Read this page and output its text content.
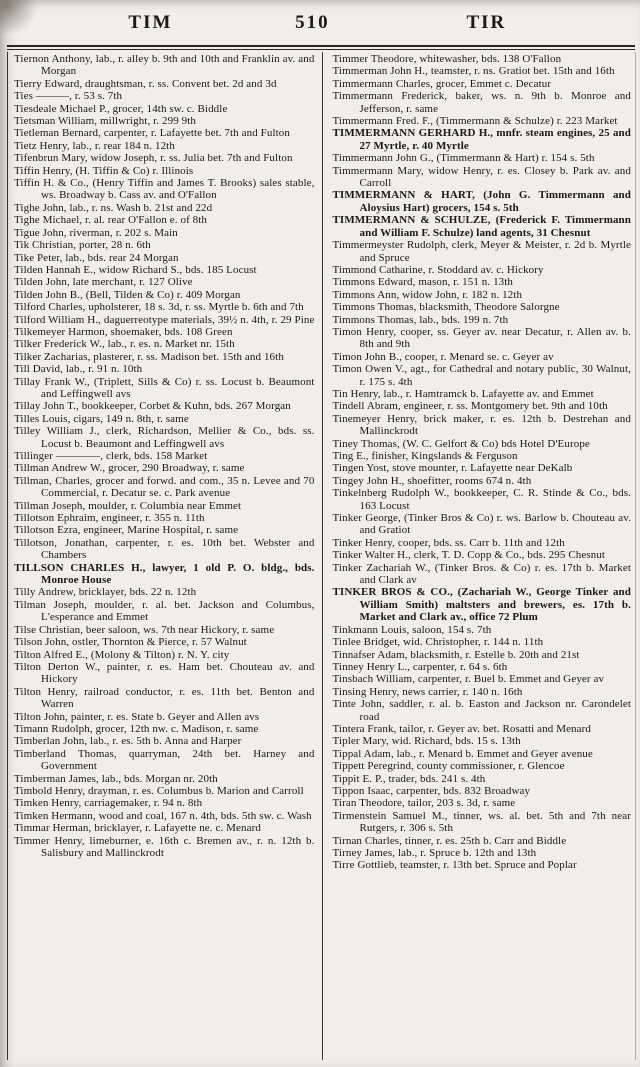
TIM	510	TIR
Tiernon Anthony, lab., r. alley b. 9th and 10th and Franklin av. and Morgan
Tierry Edward, draughtsman, r. ss. Convent bet. 2d and 3d
Ties ———, r. 53 s. 7th
Tiesdeale Michael P., grocer, 14th sw. c. Biddle
Tietsman William, millwright, r. 299 9th
Tietleman Bernard, carpenter, r. Lafayette bet. 7th and Fulton
Tietz Henry, lab., r. rear 184 n. 12th
Tifenbrun Mary, widow Joseph, r. ss. Julia bet. 7th and Fulton
Tiffin Henry, (H. Tiffin & Co) r. Illinois
Tiffin H. & Co., (Henry Tiffin and James T. Brooks) sales stable, ws. Broadway b. Cass av. and O'Fallon
Tighe John, lab., r. ns. Wash b. 21st and 22d
Tighe Michael, r. al. rear O'Fallon e. of 8th
Tigue John, riverman, r. 202 s. Main
Tik Christian, porter, 28 n. 6th
Tike Peter, lab., bds. rear 24 Morgan
Tilden Hannah E., widow Richard S., bds. 185 Locust
Tilden John, late merchant, r. 127 Olive
Tilden John B., (Bell, Tilden & Co) r. 409 Morgan
Tilford Charles, upholsterer, 18 s. 3d, r. ss. Myrtle b. 6th and 7th
Tilford William H., daguerreotype materials, 39½ n. 4th, r. 29 Pine
Tilkemeyer Harmon, shoemaker, bds. 108 Green
Tilker Frederick W., lab., r. es. n. Market nr. 15th
Tilker Zacharias, plasterer, r. ss. Madison bet. 15th and 16th
Till David, lab., r. 91 n. 10th
Tillay Frank W., (Triplett, Sills & Co) r. ss. Locust b. Beaumont and Leffingwell avs
Tillay John T., bookkeeper, Corbet & Kuhn, bds. 267 Morgan
Tilles Louis, cigars, 149 n. 8th, r. same
Tilley William J., clerk, Richardson, Mellier & Co., bds. ss. Locust b. Beaumont and Leffingwell avs
Tillinger ————, clerk, bds. 158 Market
Tillman Andrew W., grocer, 290 Broadway, r. same
Tillman, Charles, grocer and forwd. and com., 35 n. Levee and 70 Commercial, r. Decatur se. c. Park avenue
Tillman Joseph, moulder, r. Columbia near Emmet
Tillotson Ephraim, engineer, r. 355 n. 11th
Tillotson Ezra, engineer, Marine Hospital, r. same
Tillotson, Jonathan, carpenter, r. es. 10th bet. Webster and Chambers
TILLSON CHARLES H., lawyer, 1 old P. O. bldg., bds. Monroe House
Tilly Andrew, bricklayer, bds. 22 n. 12th
Tilman Joseph, moulder, r. al. bet. Jackson and Columbus, L'esperance and Emmet
Tilse Christian, beer saloon, ws. 7th near Hickory, r. same
Tilson John, ostler, Thornton & Pierce, r. 57 Walnut
Tilton Alfred E., (Molony & Tilton) r. N. Y. city
Tilton Derton W., painter, r. es. Ham bet. Chouteau av. and Hickory
Tilton Henry, railroad conductor, r. es. 11th bet. Benton and Warren
Tilton John, painter, r. es. State b. Geyer and Allen avs
Timann Rudolph, grocer, 12th nw. c. Madison, r. same
Timberlan John, lab., r. es. 5th b. Anna and Harper
Timberland Thomas, quarryman, 24th bet. Harney and Government
Timberman James, lab., bds. Morgan nr. 20th
Timbold Henry, drayman, r. es. Columbus b. Marion and Carroll
Timken Henry, carriagemaker, r. 94 n. 8th
Timken Hermann, wood and coal, 167 n. 4th, bds. 5th sw. c. Wash
Timmar Herman, bricklayer, r. Lafayette ne. c. Menard
Timmer Henry, limeburner, e. 16th c. Bremen av., r. n. 12th b. Salisbury and Mallinckrodt
Timmer Theodore, whitewasher, bds. 138 O'Fallon
Timmerman John H., teamster, r. ns. Gratiot bet. 15th and 16th
Timmermann Charles, grocer, Emmet c. Decatur
Timmermann Frederick, baker, ws. n. 9th b. Monroe and Jefferson, r. same
Timmermann Fred. F., (Timmermann & Schulze) r. 223 Market
TIMMERMANN GERHARD H., mnfr. steam engines, 25 and 27 Myrtle, r. 40 Myrtle
Timmermann John G., (Timmermann & Hart) r. 154 s. 5th
Timmermann Mary, widow Henry, r. es. Closey b. Park av. and Carroll
TIMMERMANN & HART, (John G. Timmermann and Aloysius Hart) grocers, 154 s. 5th
TIMMERMANN & SCHULZE, (Frederick F. Timmermann and William F. Schulze) land agents, 31 Chesnut
Timmermeyster Rudolph, clerk, Meyer & Meister, r. 2d b. Myrtle and Spruce
Timmond Catharine, r. Stoddard av. c. Hickory
Timmons Edward, mason, r. 151 n. 13th
Timmons Ann, widow John, r. 182 n. 12th
Timmons Thomas, blacksmith, Theodore Salorgne
Timmons Thomas, lab., bds. 199 n. 7th
Timon Henry, cooper, ss. Geyer av. near Decatur, r. Allen av. b. 8th and 9th
Timon John B., cooper, r. Menard se. c. Geyer av
Timon Owen V., agt., for Cathedral and notary public, 30 Walnut, r. 175 s. 4th
Tin Henry, lab., r. Hamtramck b. Lafayette av. and Emmet
Tindell Abram, engineer, r. ss. Montgomery bet. 9th and 10th
Tinemeyer Henry, brick maker, r. es. 12th b. Destrehan and Mallinckrodt
Tiney Thomas, (W. C. Gelfort & Co) bds Hotel D'Europe
Ting E., finisher, Kingslands & Ferguson
Tingen Yost, stove mounter, r. Lafayette near DeKalb
Tingey John H., shoefitter, rooms 674 n. 4th
Tinkelnberg Rudolph W., bookkeeper, C. R. Stinde & Co., bds. 163 Locust
Tinker George, (Tinker Bros & Co) r. ws. Barlow b. Chouteau av. and Gratiot
Tinker Henry, cooper, bds. ss. Carr b. 11th and 12th
Tinker Walter H., clerk, T. D. Copp & Co., bds. 295 Chesnut
Tinker Zachariah W., (Tinker Bros. & Co) r. es. 17th b. Market and Clark av
TINKER BROS & CO., (Zachariah W., George Tinker and William Smith) maltsters and brewers, es. 17th b. Market and Clark av., office 72 Plum
Tinkmann Louis, saloon, 154 s. 7th
Tinlee Bridget, wid. Christopher, r. 144 n. 11th
Tinnafser Adam, blacksmith, r. Estelle b. 20th and 21st
Tinney Henry L., carpenter, r. 64 s. 6th
Tinsbach William, carpenter, r. Buel b. Emmet and Geyer av
Tinsing Henry, news carrier, r. 140 n. 16th
Tinte John, saddler, r. al. b. Easton and Jackson nr. Carondelet road
Tintera Frank, tailor, r. Geyer av. bet. Rosatti and Menard
Tipler Mary, wid. Richard, bds. 15 s. 13th
Tippal Adam, lab., r. Menard b. Emmet and Geyer avenue
Tippett Peregrind, county commissioner, r. Glencoe
Tippit E. P., trader, bds. 241 s. 4th
Tippon Isaac, carpenter, bds. 832 Broadway
Tiran Theodore, tailor, 203 s. 3d, r. same
Tirmenstein Samuel M., tinner, ws. al. bet. 5th and 7th near Rutgers, r. 306 s. 5th
Tirnan Charles, tinner, r. es. 25th b. Carr and Biddle
Tirney James, lab., r. Spruce b. 12th and 13th
Tirre Gottlieb, teamster, r. 13th bet. Spruce and Poplar
